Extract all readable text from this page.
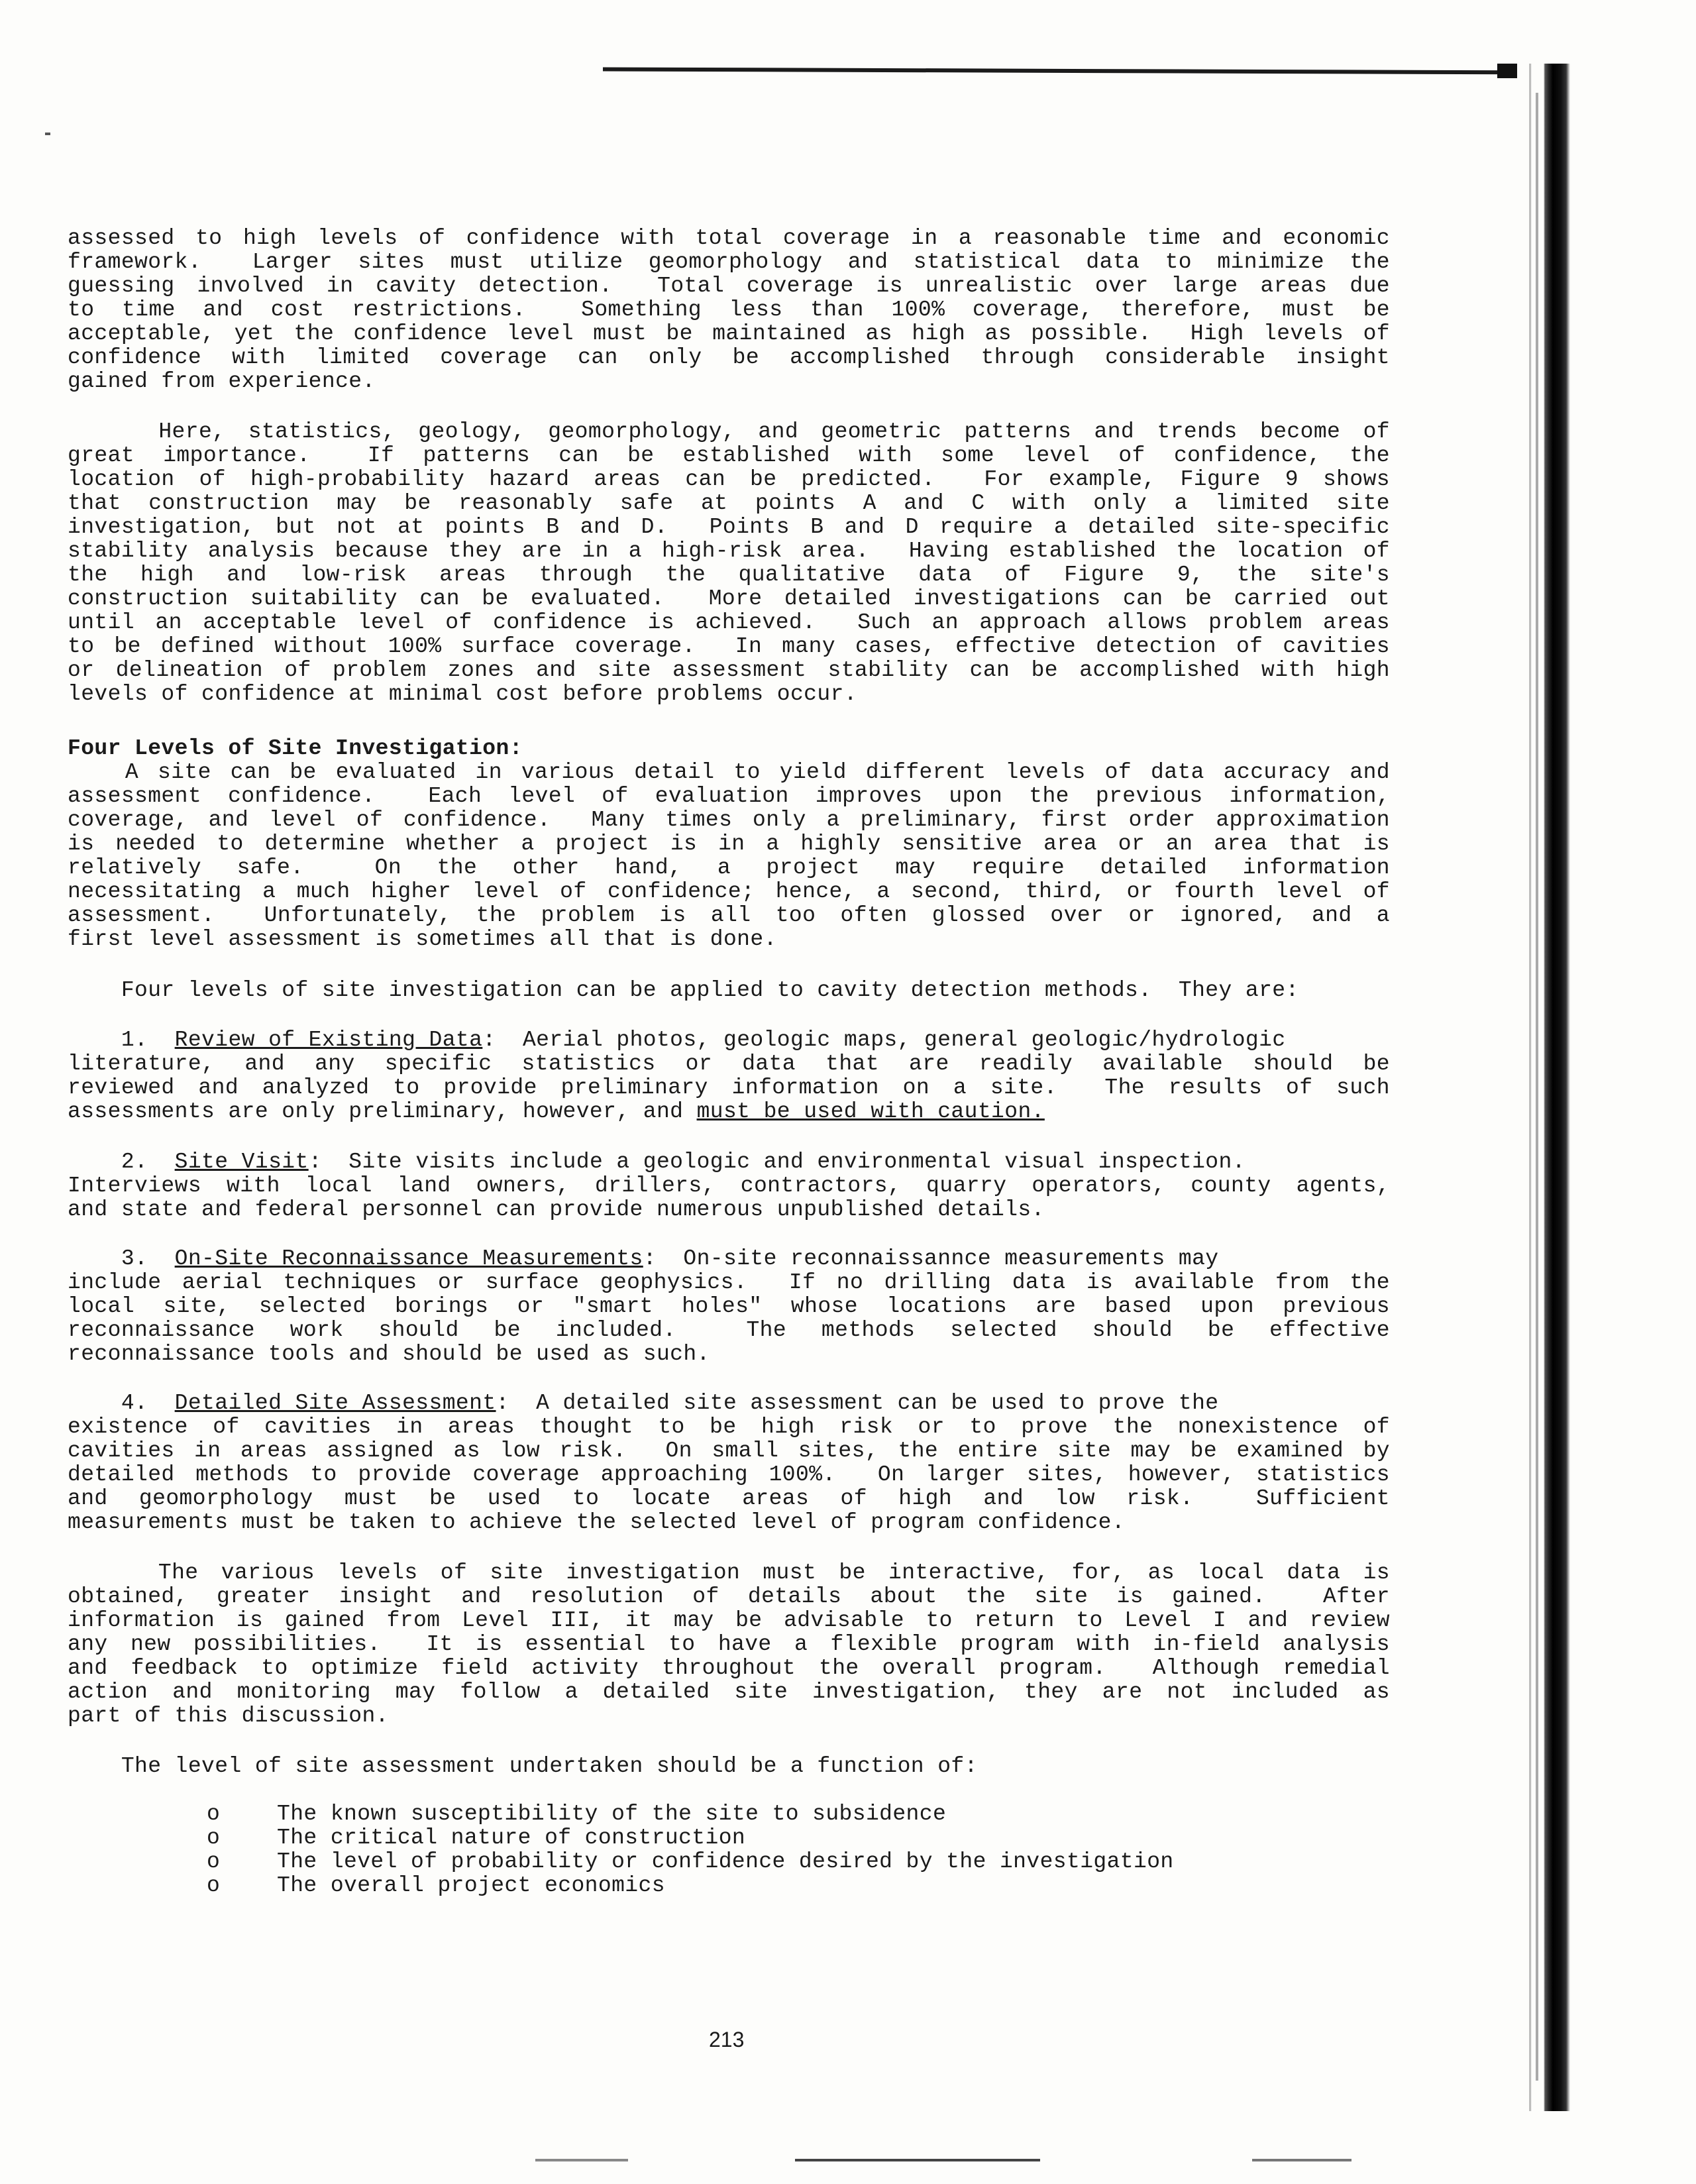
assessed to high levels of confidence with total coverage in a reasonable time and economic
framework.  Larger sites must utilize geomorphology and statistical data to minimize the
guessing involved in cavity detection.  Total coverage is unrealistic over large areas due
to time and cost restrictions.  Something less than 100% coverage, therefore, must be
acceptable, yet the confidence level must be maintained as high as possible.  High levels of
confidence with limited coverage can only be accomplished through considerable insight
gained from experience.
Here, statistics, geology, geomorphology, and geometric patterns and trends become of
great importance.  If patterns can be established with some level of confidence, the
location of high-probability hazard areas can be predicted.  For example, Figure 9 shows
that construction may be reasonably safe at points A and C with only a limited site
investigation, but not at points B and D.  Points B and D require a detailed site-specific
stability analysis because they are in a high-risk area.  Having established the location of
the high and low-risk areas through the qualitative data of Figure 9, the site's
construction suitability can be evaluated.  More detailed investigations can be carried out
until an acceptable level of confidence is achieved.  Such an approach allows problem areas
to be defined without 100% surface coverage.  In many cases, effective detection of cavities
or delineation of problem zones and site assessment stability can be accomplished with high
levels of confidence at minimal cost before problems occur.
Four Levels of Site Investigation:
A site can be evaluated in various detail to yield different levels of data accuracy and
assessment confidence.  Each level of evaluation improves upon the previous information,
coverage, and level of confidence.  Many times only a preliminary, first order approximation
is needed to determine whether a project is in a highly sensitive area or an area that is
relatively safe.  On the other hand, a project may require detailed information
necessitating a much higher level of confidence; hence, a second, third, or fourth level of
assessment.  Unfortunately, the problem is all too often glossed over or ignored, and a
first level assessment is sometimes all that is done.
Four levels of site investigation can be applied to cavity detection methods.  They are:
1.  Review of Existing Data:  Aerial photos, geologic maps, general geologic/hydrologic
literature, and any specific statistics or data that are readily available should be
reviewed and analyzed to provide preliminary information on a site.  The results of such
assessments are only preliminary, however, and must be used with caution.
2.  Site Visit:  Site visits include a geologic and environmental visual inspection.
Interviews with local land owners, drillers, contractors, quarry operators, county agents,
and state and federal personnel can provide numerous unpublished details.
3.  On-Site Reconnaissance Measurements:  On-site reconnaissannce measurements may
include aerial techniques or surface geophysics.  If no drilling data is available from the
local site, selected borings or "smart holes" whose locations are based upon previous
reconnaissance work should be included.  The methods selected should be effective
reconnaissance tools and should be used as such.
4.  Detailed Site Assessment:  A detailed site assessment can be used to prove the
existence of cavities in areas thought to be high risk or to prove the nonexistence of
cavities in areas assigned as low risk.  On small sites, the entire site may be examined by
detailed methods to provide coverage approaching 100%.  On larger sites, however, statistics
and geomorphology must be used to locate areas of high and low risk.  Sufficient
measurements must be taken to achieve the selected level of program confidence.
The various levels of site investigation must be interactive, for, as local data is
obtained, greater insight and resolution of details about the site is gained.  After
information is gained from Level III, it may be advisable to return to Level I and review
any new possibilities.  It is essential to have a flexible program with in-field analysis
and feedback to optimize field activity throughout the overall program.  Although remedial
action and monitoring may follow a detailed site investigation, they are not included as
part of this discussion.
The level of site assessment undertaken should be a function of:
o	The known susceptibility of the site to subsidence
o	The critical nature of construction
o	The level of probability or confidence desired by the investigation
o	The overall project economics
213
